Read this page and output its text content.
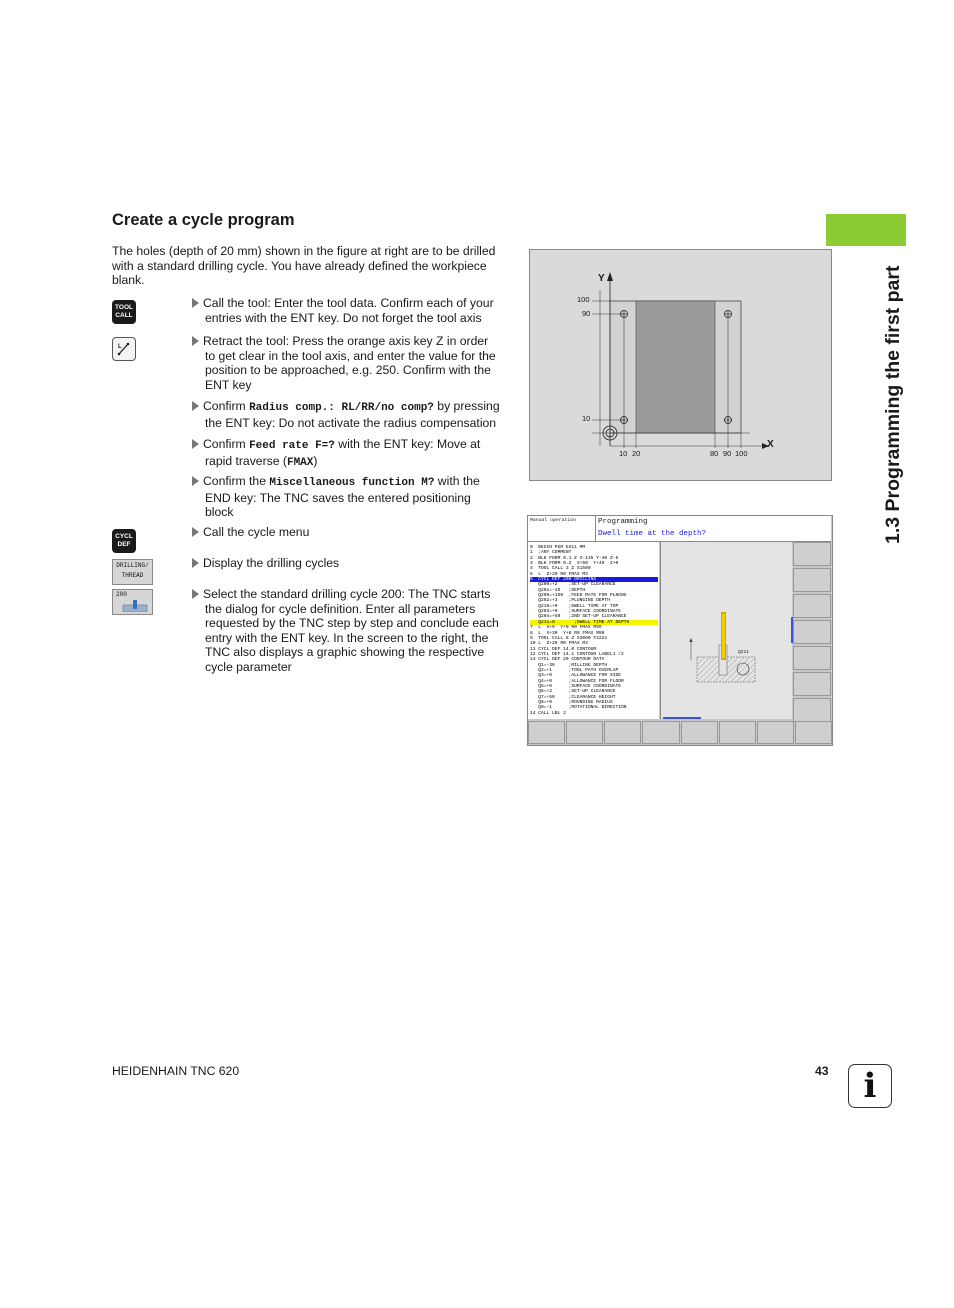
Create a cycle program
The holes (depth of 20 mm) shown in the figure at right are to be drilled with a standard drilling cycle. You have already defined the workpiece blank.
TOOL
CALL
L
CYCL
DEF
DRILLING/
THREAD
200
Call the tool: Enter the tool data. Confirm each of your
entries with the ENT key. Do not forget the tool axis
Retract the tool: Press the orange axis key Z in order
to get clear in the tool axis, and enter the value for the
position to be approached, e.g. 250. Confirm with the
ENT key
Confirm Radius comp.: RL/RR/no comp? by pressing
the ENT key: Do not activate the radius compensation
Confirm Feed rate F=? with the ENT key: Move at
rapid traverse (FMAX)
Confirm the Miscellaneous function M? with the
END key: The TNC saves the entered positioning
block
Call the cycle menu
Display the drilling cycles
Select the standard drilling cycle 200: The TNC starts
the dialog for cycle definition. Enter all parameters
requested by the TNC step by step and conclude each
entry with the ENT key. In the screen to the right, the
TNC also displays a graphic showing the respective
cycle parameter
Y
X
100
90
10
10 20	80 90 100
Manual operation	Programming
Dwell time at the depth?
0  BEGIN PGM EX11 MM
1  ;ANY COMMENT
2  BLK FORM 0.1 Z X-135 Y-40 Z-5
3  BLK FORM 0.2  X+50  Y+40  Z+0
4  TOOL CALL 3 Z S1500
5  L  Z+20 R0 FMAX M3
6  CYCL DEF 200 DRILLING
Q200=+2    ;SET-UP CLEARANCE
Q201=-15   ;DEPTH
Q206=+150  ;FEED RATE FOR PLNGNG
Q202=+3    ;PLUNGING DEPTH
Q210=+0    ;DWELL TIME AT TOP
Q203=+0    ;SURFACE COORDINATE
Q204=+50   ;2ND SET-UP CLEARANCE
Q211=0       ;DWELL TIME AT DEPTH
7  L  X+0  Y+0 R0 FMAX M99
8  L  X+30  Y+0 R0 FMAX M99
9  TOOL CALL 8 Z S3000 F2222
10 L  Z+20 R0 FMAX M3
11 CYCL DEF 14.0 CONTOUR
12 CYCL DEF 14.1 CONTOUR LABEL1 /2
13 CYCL DEF 20 CONTOUR DATA
Q1=-30     ;MILLING DEPTH
Q2=+1      ;TOOL PATH OVERLAP
Q3=+0      ;ALLOWANCE FOR SIDE
Q4=+0      ;ALLOWANCE FOR FLOOR
Q5=+0      ;SURFACE COORDINATE
Q6=+2      ;SET-UP CLEARANCE
Q7=+50     ;CLEARANCE HEIGHT
Q8=+0      ;ROUNDING RADIUS
Q9=-1      ;ROTATIONAL DIRECTION
14 CALL LBL 2
Q211
1.3 Programming the first part
HEIDENHAIN TNC 620	43	i
